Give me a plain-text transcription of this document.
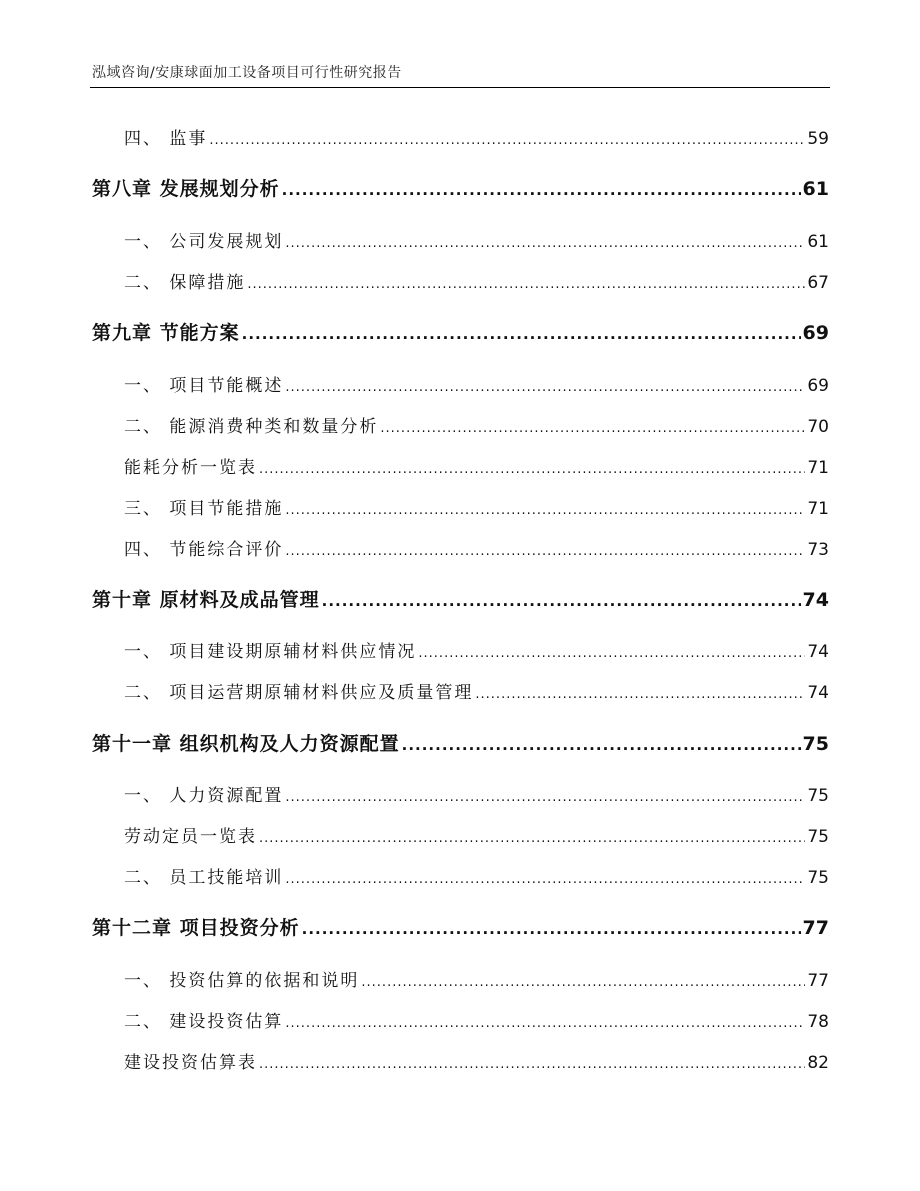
泓域咨询/安康球面加工设备项目可行性研究报告
四、 监事 .....	59
第八章 发展规划分析 .....	61
一、 公司发展规划 .....	61
二、 保障措施 .....	67
第九章 节能方案 .....	69
一、 项目节能概述 .....	69
二、 能源消费种类和数量分析 .....	70
能耗分析一览表 .....	71
三、 项目节能措施 .....	71
四、 节能综合评价 .....	73
第十章 原材料及成品管理 .....	74
一、 项目建设期原辅材料供应情况 .....	74
二、 项目运营期原辅材料供应及质量管理 .....	74
第十一章 组织机构及人力资源配置 .....	75
一、 人力资源配置 .....	75
劳动定员一览表 .....	75
二、 员工技能培训 .....	75
第十二章 项目投资分析 .....	77
一、 投资估算的依据和说明 .....	77
二、 建设投资估算 .....	78
建设投资估算表 .....	82
